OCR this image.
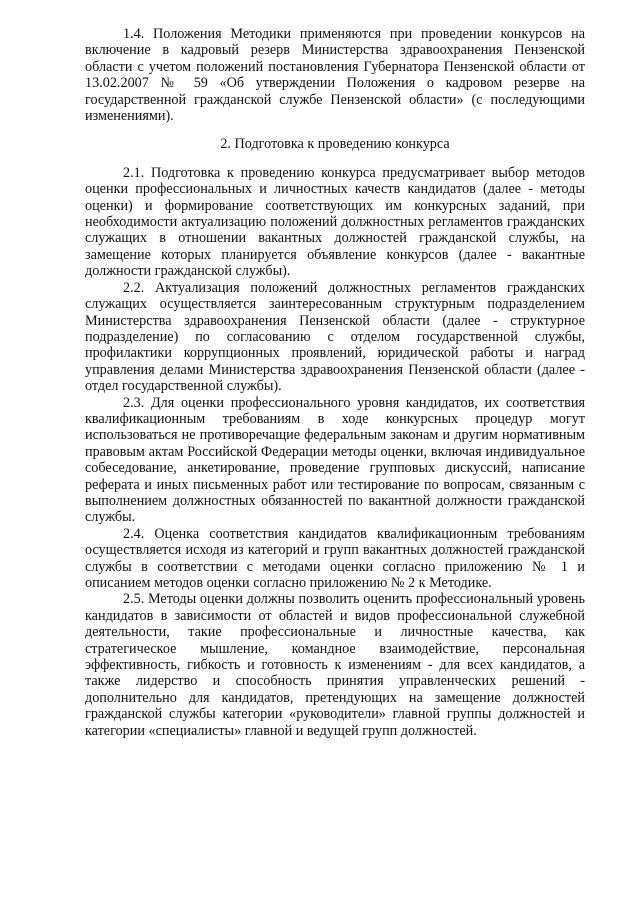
1.4. Положения Методики применяются при проведении конкурсов на включение в кадровый резерв Министерства здравоохранения Пензенской области с учетом положений постановления Губернатора Пензенской области от 13.02.2007 № 59 «Об утверждении Положения о кадровом резерве на государственной гражданской службе Пензенской области» (с последующими изменениями).

2. Подготовка к проведению конкурса

2.1. Подготовка к проведению конкурса предусматривает выбор методов оценки профессиональных и личностных качеств кандидатов (далее - методы оценки) и формирование соответствующих им конкурсных заданий, при необходимости актуализацию положений должностных регламентов гражданских служащих в отношении вакантных должностей гражданской службы, на замещение которых планируется объявление конкурсов (далее - вакантные должности гражданской службы).

2.2. Актуализация положений должностных регламентов гражданских служащих осуществляется заинтересованным структурным подразделением Министерства здравоохранения Пензенской области (далее - структурное подразделение) по согласованию с отделом государственной службы, профилактики коррупционных проявлений, юридической работы и наград управления делами Министерства здравоохранения Пензенской области (далее - отдел государственной службы).

2.3. Для оценки профессионального уровня кандидатов, их соответствия квалификационным требованиям в ходе конкурсных процедур могут использоваться не противоречащие федеральным законам и другим нормативным правовым актам Российской Федерации методы оценки, включая индивидуальное собеседование, анкетирование, проведение групповых дискуссий, написание реферата и иных письменных работ или тестирование по вопросам, связанным с выполнением должностных обязанностей по вакантной должности гражданской службы.

2.4. Оценка соответствия кандидатов квалификационным требованиям осуществляется исходя из категорий и групп вакантных должностей гражданской службы в соответствии с методами оценки согласно приложению № 1 и описанием методов оценки согласно приложению № 2 к Методике.

2.5. Методы оценки должны позволить оценить профессиональный уровень кандидатов в зависимости от областей и видов профессиональной служебной деятельности, такие профессиональные и личностные качества, как стратегическое мышление, командное взаимодействие, персональная эффективность, гибкость и готовность к изменениям - для всех кандидатов, а также лидерство и способность принятия управленческих решений - дополнительно для кандидатов, претендующих на замещение должностей гражданской службы категории «руководители» главной группы должностей и категории «специалисты» главной и ведущей групп должностей.
